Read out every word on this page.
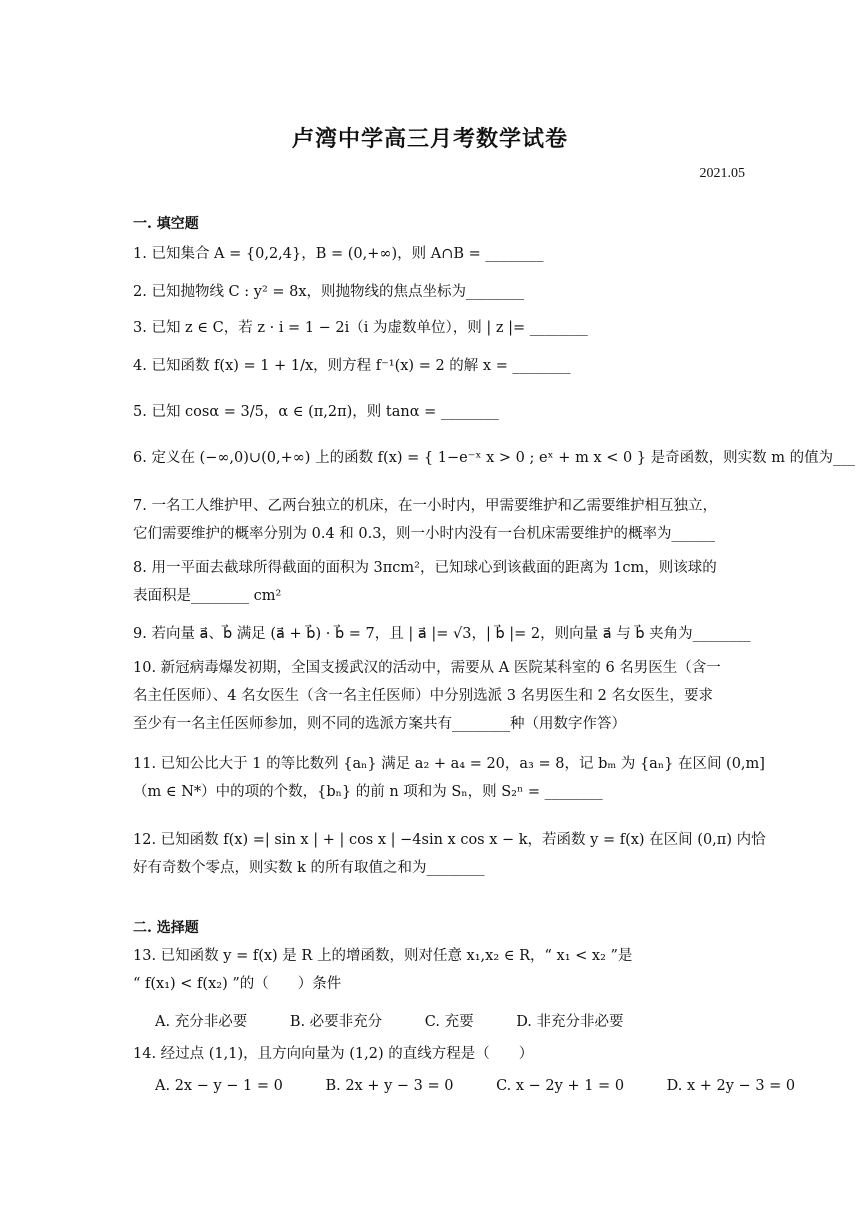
卢湾中学高三月考数学试卷
2021.05
一. 填空题
1. 已知集合 A = {0,2,4}，B = (0,+∞)，则 A∩B = ________
2. 已知抛物线 C : y² = 8x，则抛物线的焦点坐标为________
3. 已知 z ∈ C，若 z · i = 1 − 2i（i 为虚数单位），则 | z |= ________
4. 已知函数 f(x) = 1 + 1/x，则方程 f⁻¹(x) = 2 的解 x = ________
5. 已知 cosα = 3/5，α ∈ (π,2π)，则 tanα = ________
6. 定义在 (−∞,0)∪(0,+∞) 上的函数 f(x) = { 1−e⁻ˣ x > 0 ; eˣ + m x < 0 } 是奇函数，则实数 m 的值为___
7. 一名工人维护甲、乙两台独立的机床，在一小时内，甲需要维护和乙需要维护相互独立，
它们需要维护的概率分别为 0.4 和 0.3，则一小时内没有一台机床需要维护的概率为______
8. 用一平面去截球所得截面的面积为 3πcm²，已知球心到该截面的距离为 1cm，则该球的
表面积是________ cm²
9. 若向量 a⃗、b⃗ 满足 (a⃗ + b⃗) · b⃗ = 7，且 | a⃗ |= √3，| b⃗ |= 2，则向量 a⃗ 与 b⃗ 夹角为________
10. 新冠病毒爆发初期，全国支援武汉的活动中，需要从 A 医院某科室的 6 名男医生（含一
名主任医师）、4 名女医生（含一名主任医师）中分别选派 3 名男医生和 2 名女医生，要求
至少有一名主任医师参加，则不同的选派方案共有________种（用数字作答）
11. 已知公比大于 1 的等比数列 {aₙ} 满足 a₂ + a₄ = 20，a₃ = 8，记 bₘ 为 {aₙ} 在区间 (0,m]
（m ∈ N*）中的项的个数，{bₙ} 的前 n 项和为 Sₙ，则 S₂ⁿ = ________
12. 已知函数 f(x) =| sin x | + | cos x | −4sin x cos x − k，若函数 y = f(x) 在区间 (0,π) 内恰
好有奇数个零点，则实数 k 的所有取值之和为________
二. 选择题
13. 已知函数 y = f(x) 是 R 上的增函数，则对任意 x₁,x₂ ∈ R，“ x₁ < x₂ ”是
“ f(x₁) < f(x₂) ”的（　　）条件
A. 充分非必要	B. 必要非充分	C. 充要	D. 非充分非必要
14. 经过点 (1,1)，且方向向量为 (1,2) 的直线方程是（　　）
A. 2x − y − 1 = 0	B. 2x + y − 3 = 0	C. x − 2y + 1 = 0	D. x + 2y − 3 = 0
